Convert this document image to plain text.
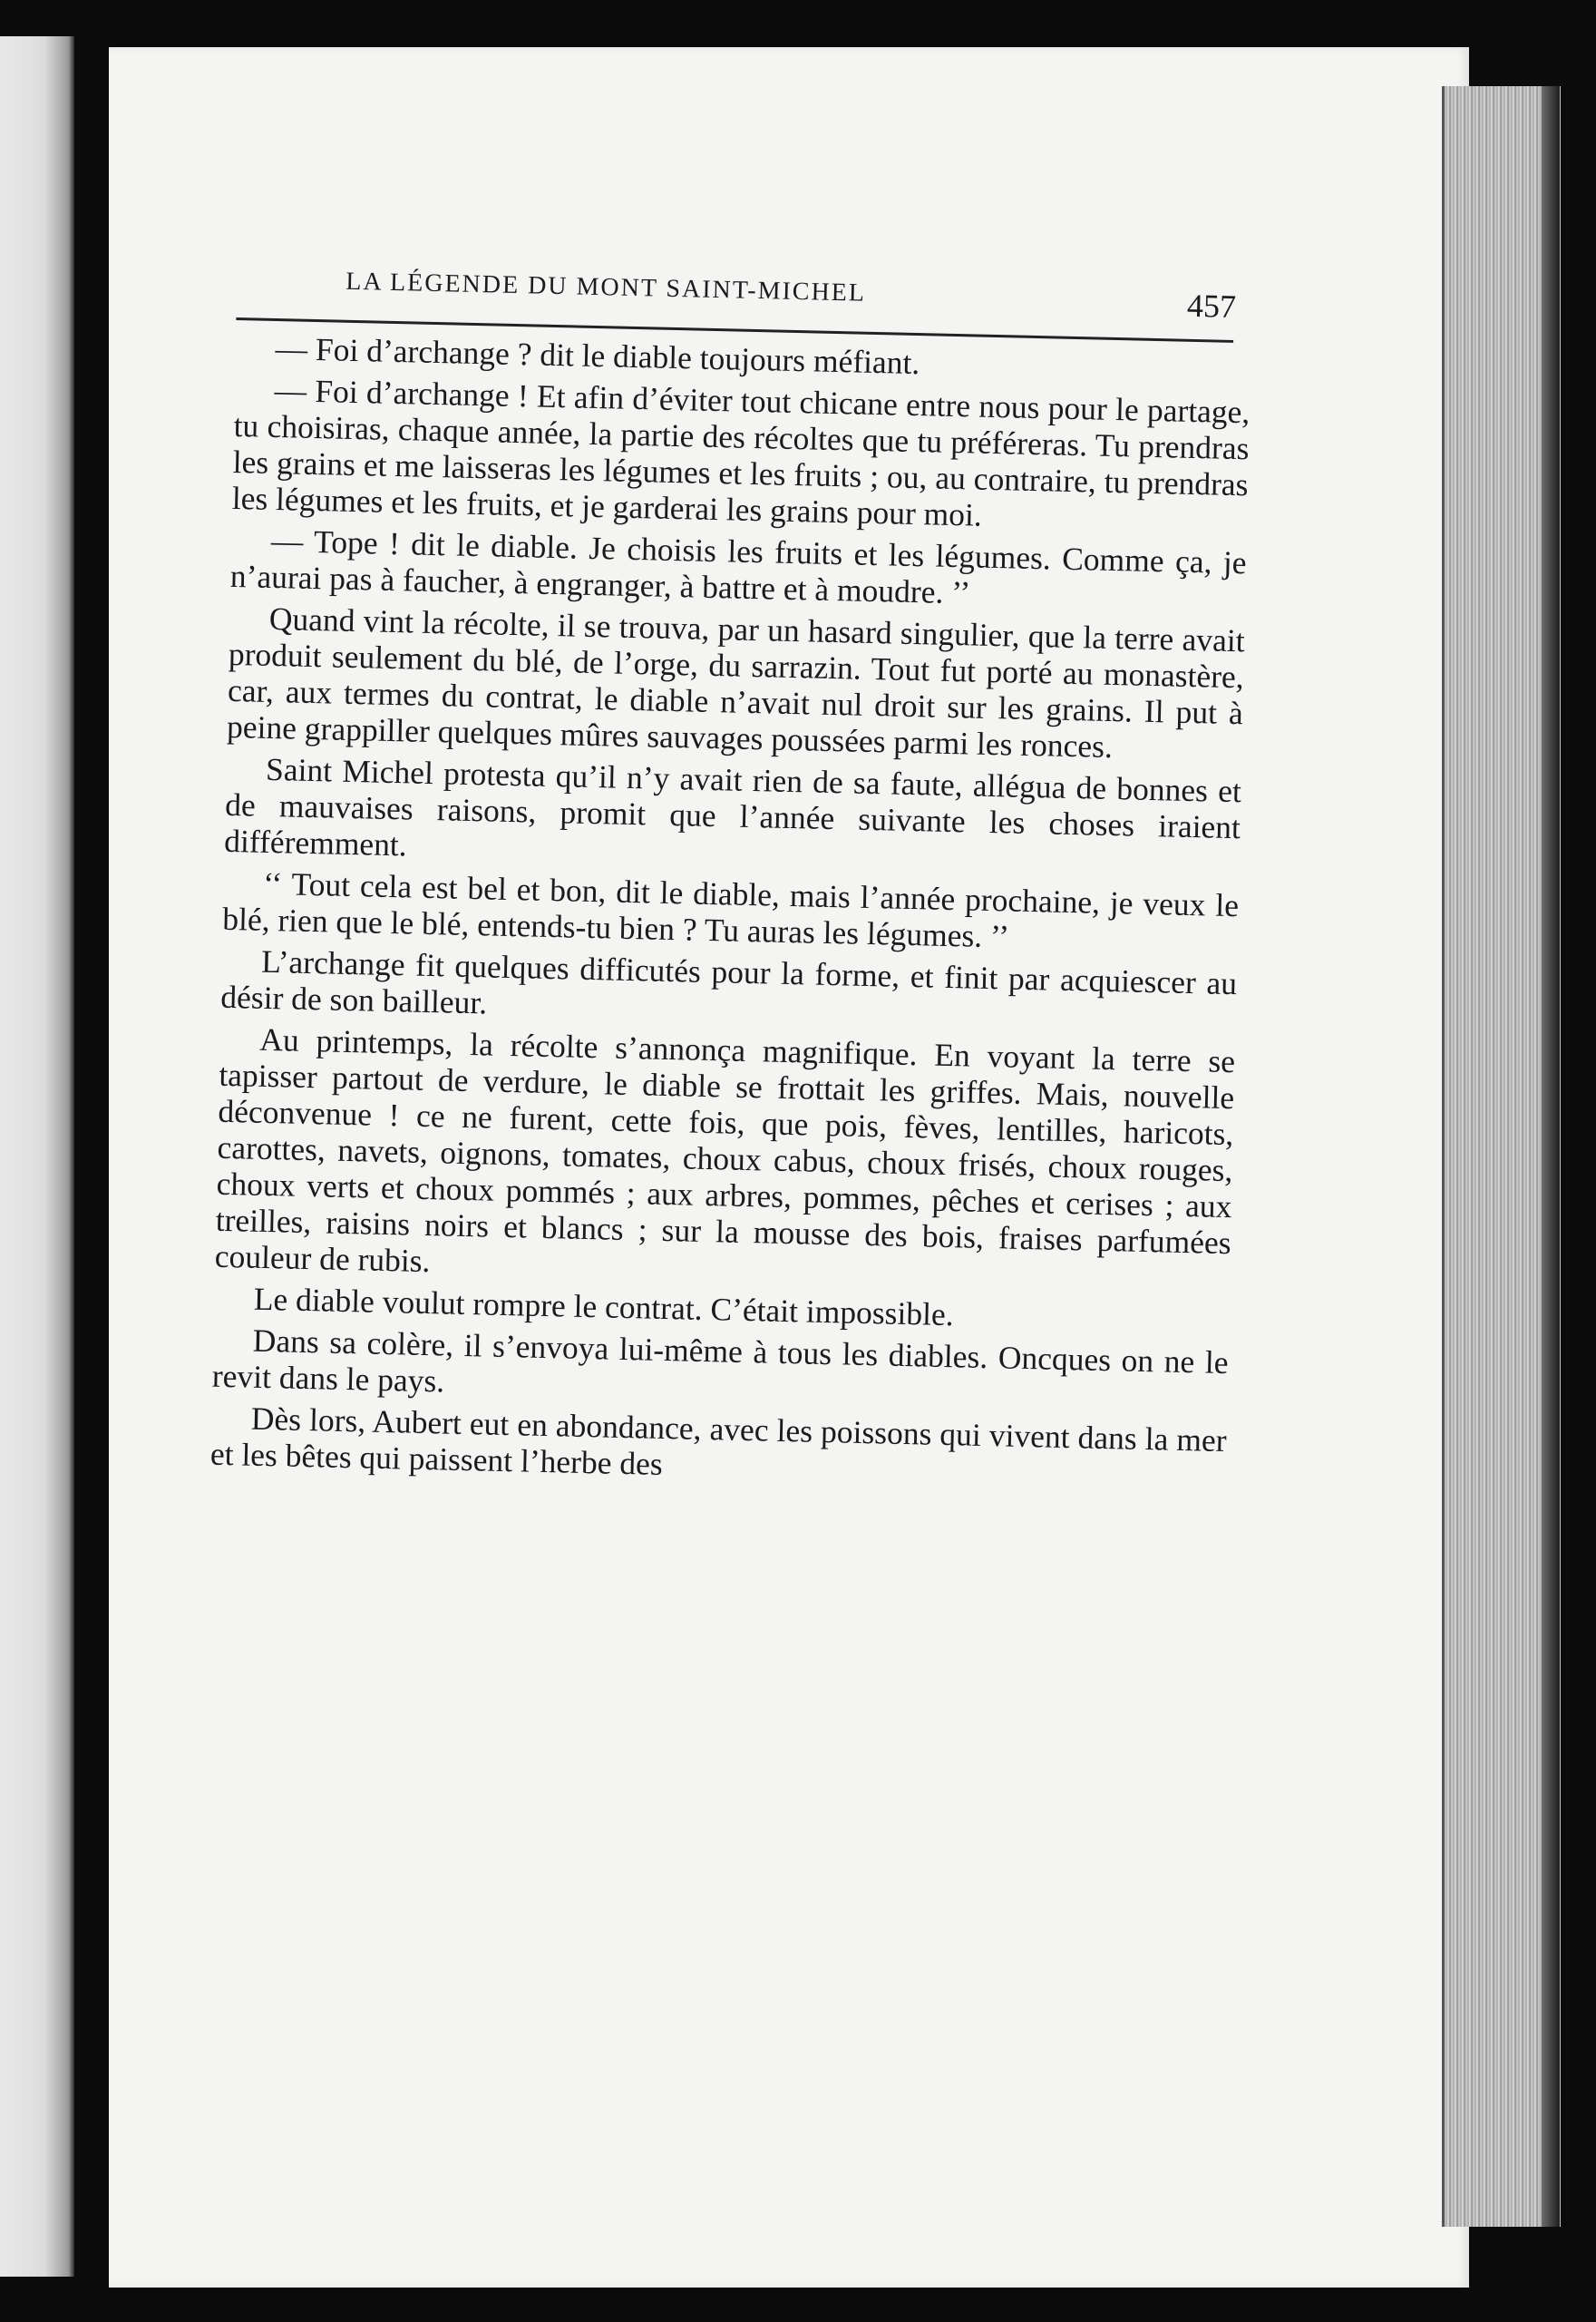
LA LÉGENDE DU MONT SAINT-MICHEL	457

— Foi d’archange ? dit le diable toujours méfiant.

— Foi d’archange ! Et afin d’éviter tout chicane entre nous pour le partage, tu choisiras, chaque année, la partie des récoltes que tu préféreras. Tu prendras les grains et me laisseras les légumes et les fruits ; ou, au contraire, tu prendras les légumes et les fruits, et je garderai les grains pour moi.

— Tope ! dit le diable. Je choisis les fruits et les légumes. Comme ça, je n’aurai pas à faucher, à engranger, à battre et à moudre. ’’

Quand vint la récolte, il se trouva, par un hasard singulier, que la terre avait produit seulement du blé, de l’orge, du sarrazin. Tout fut porté au monastère, car, aux termes du contrat, le diable n’avait nul droit sur les grains. Il put à peine grappiller quelques mûres sauvages poussées parmi les ronces.

Saint Michel protesta qu’il n’y avait rien de sa faute, allégua de bonnes et de mauvaises raisons, promit que l’année suivante les choses iraient différemment.

‘‘ Tout cela est bel et bon, dit le diable, mais l’année prochaine, je veux le blé, rien que le blé, entends-tu bien ? Tu auras les légumes. ’’

L’archange fit quelques difficutés pour la forme, et finit par acquiescer au désir de son bailleur.

Au printemps, la récolte s’annonça magnifique. En voyant la terre se tapisser partout de verdure, le diable se frottait les griffes. Mais, nouvelle déconvenue ! ce ne furent, cette fois, que pois, fèves, lentilles, haricots, carottes, navets, oignons, tomates, choux cabus, choux frisés, choux rouges, choux verts et choux pommés ; aux arbres, pommes, pêches et cerises ; aux treilles, raisins noirs et blancs ; sur la mousse des bois, fraises parfumées couleur de rubis.

Le diable voulut rompre le contrat. C’était impossible.

Dans sa colère, il s’envoya lui-même à tous les diables. Oncques on ne le revit dans le pays.

Dès lors, Aubert eut en abondance, avec les poissons qui vivent dans la mer et les bêtes qui paissent l’herbe des
